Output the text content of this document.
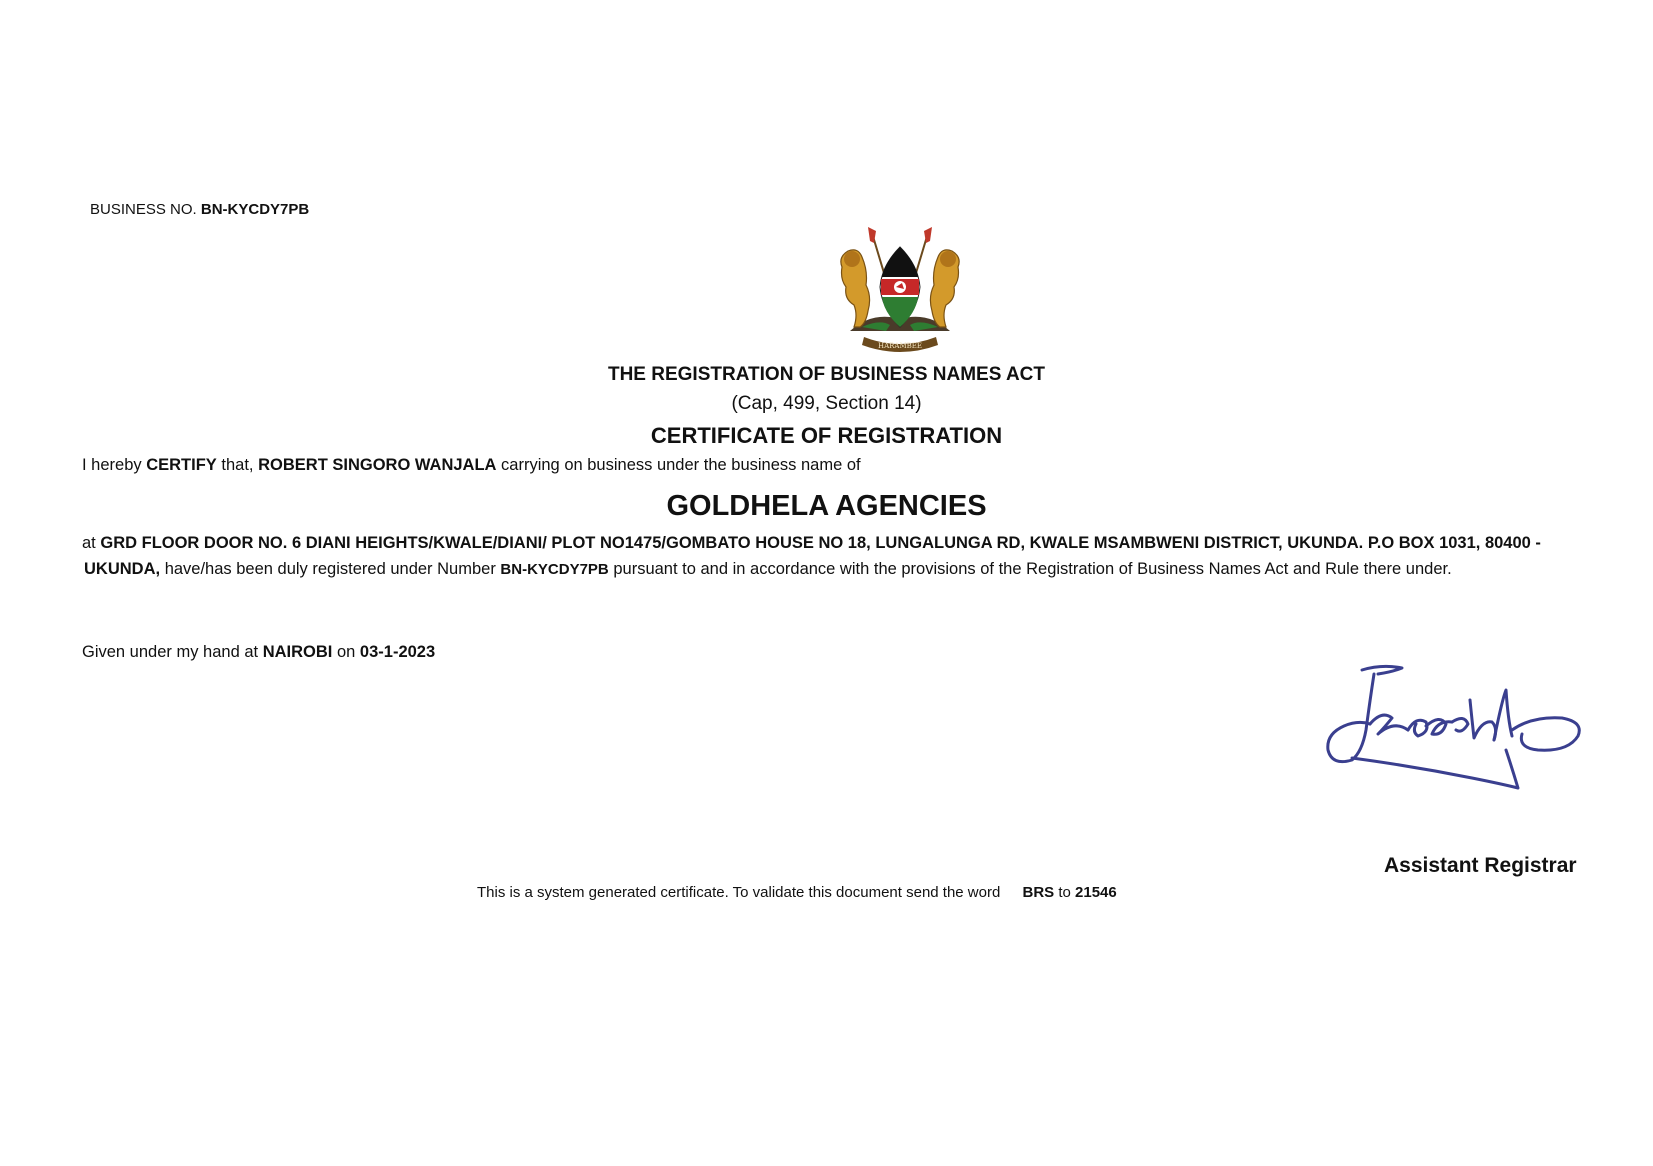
BUSINESS NO. BN-KYCDY7PB
HARAMBEE
THE REGISTRATION OF BUSINESS NAMES ACT
(Cap, 499, Section 14)
CERTIFICATE OF REGISTRATION
I hereby CERTIFY that, ROBERT SINGORO WANJALA carrying on business under the business name of
GOLDHELA AGENCIES
at GRD FLOOR DOOR NO. 6 DIANI HEIGHTS/KWALE/DIANI/ PLOT NO1475/GOMBATO HOUSE NO 18, LUNGALUNGA RD, KWALE MSAMBWENI DISTRICT, UKUNDA. P.O BOX 1031, 80400 -
UKUNDA, have/has been duly registered under Number BN-KYCDY7PB pursuant to and in accordance with the provisions of the Registration of Business Names Act and Rule there under.
Given under my hand at NAIROBI on 03-1-2023
Assistant Registrar
This is a system generated certificate. To validate this document send the word BRS to 21546
